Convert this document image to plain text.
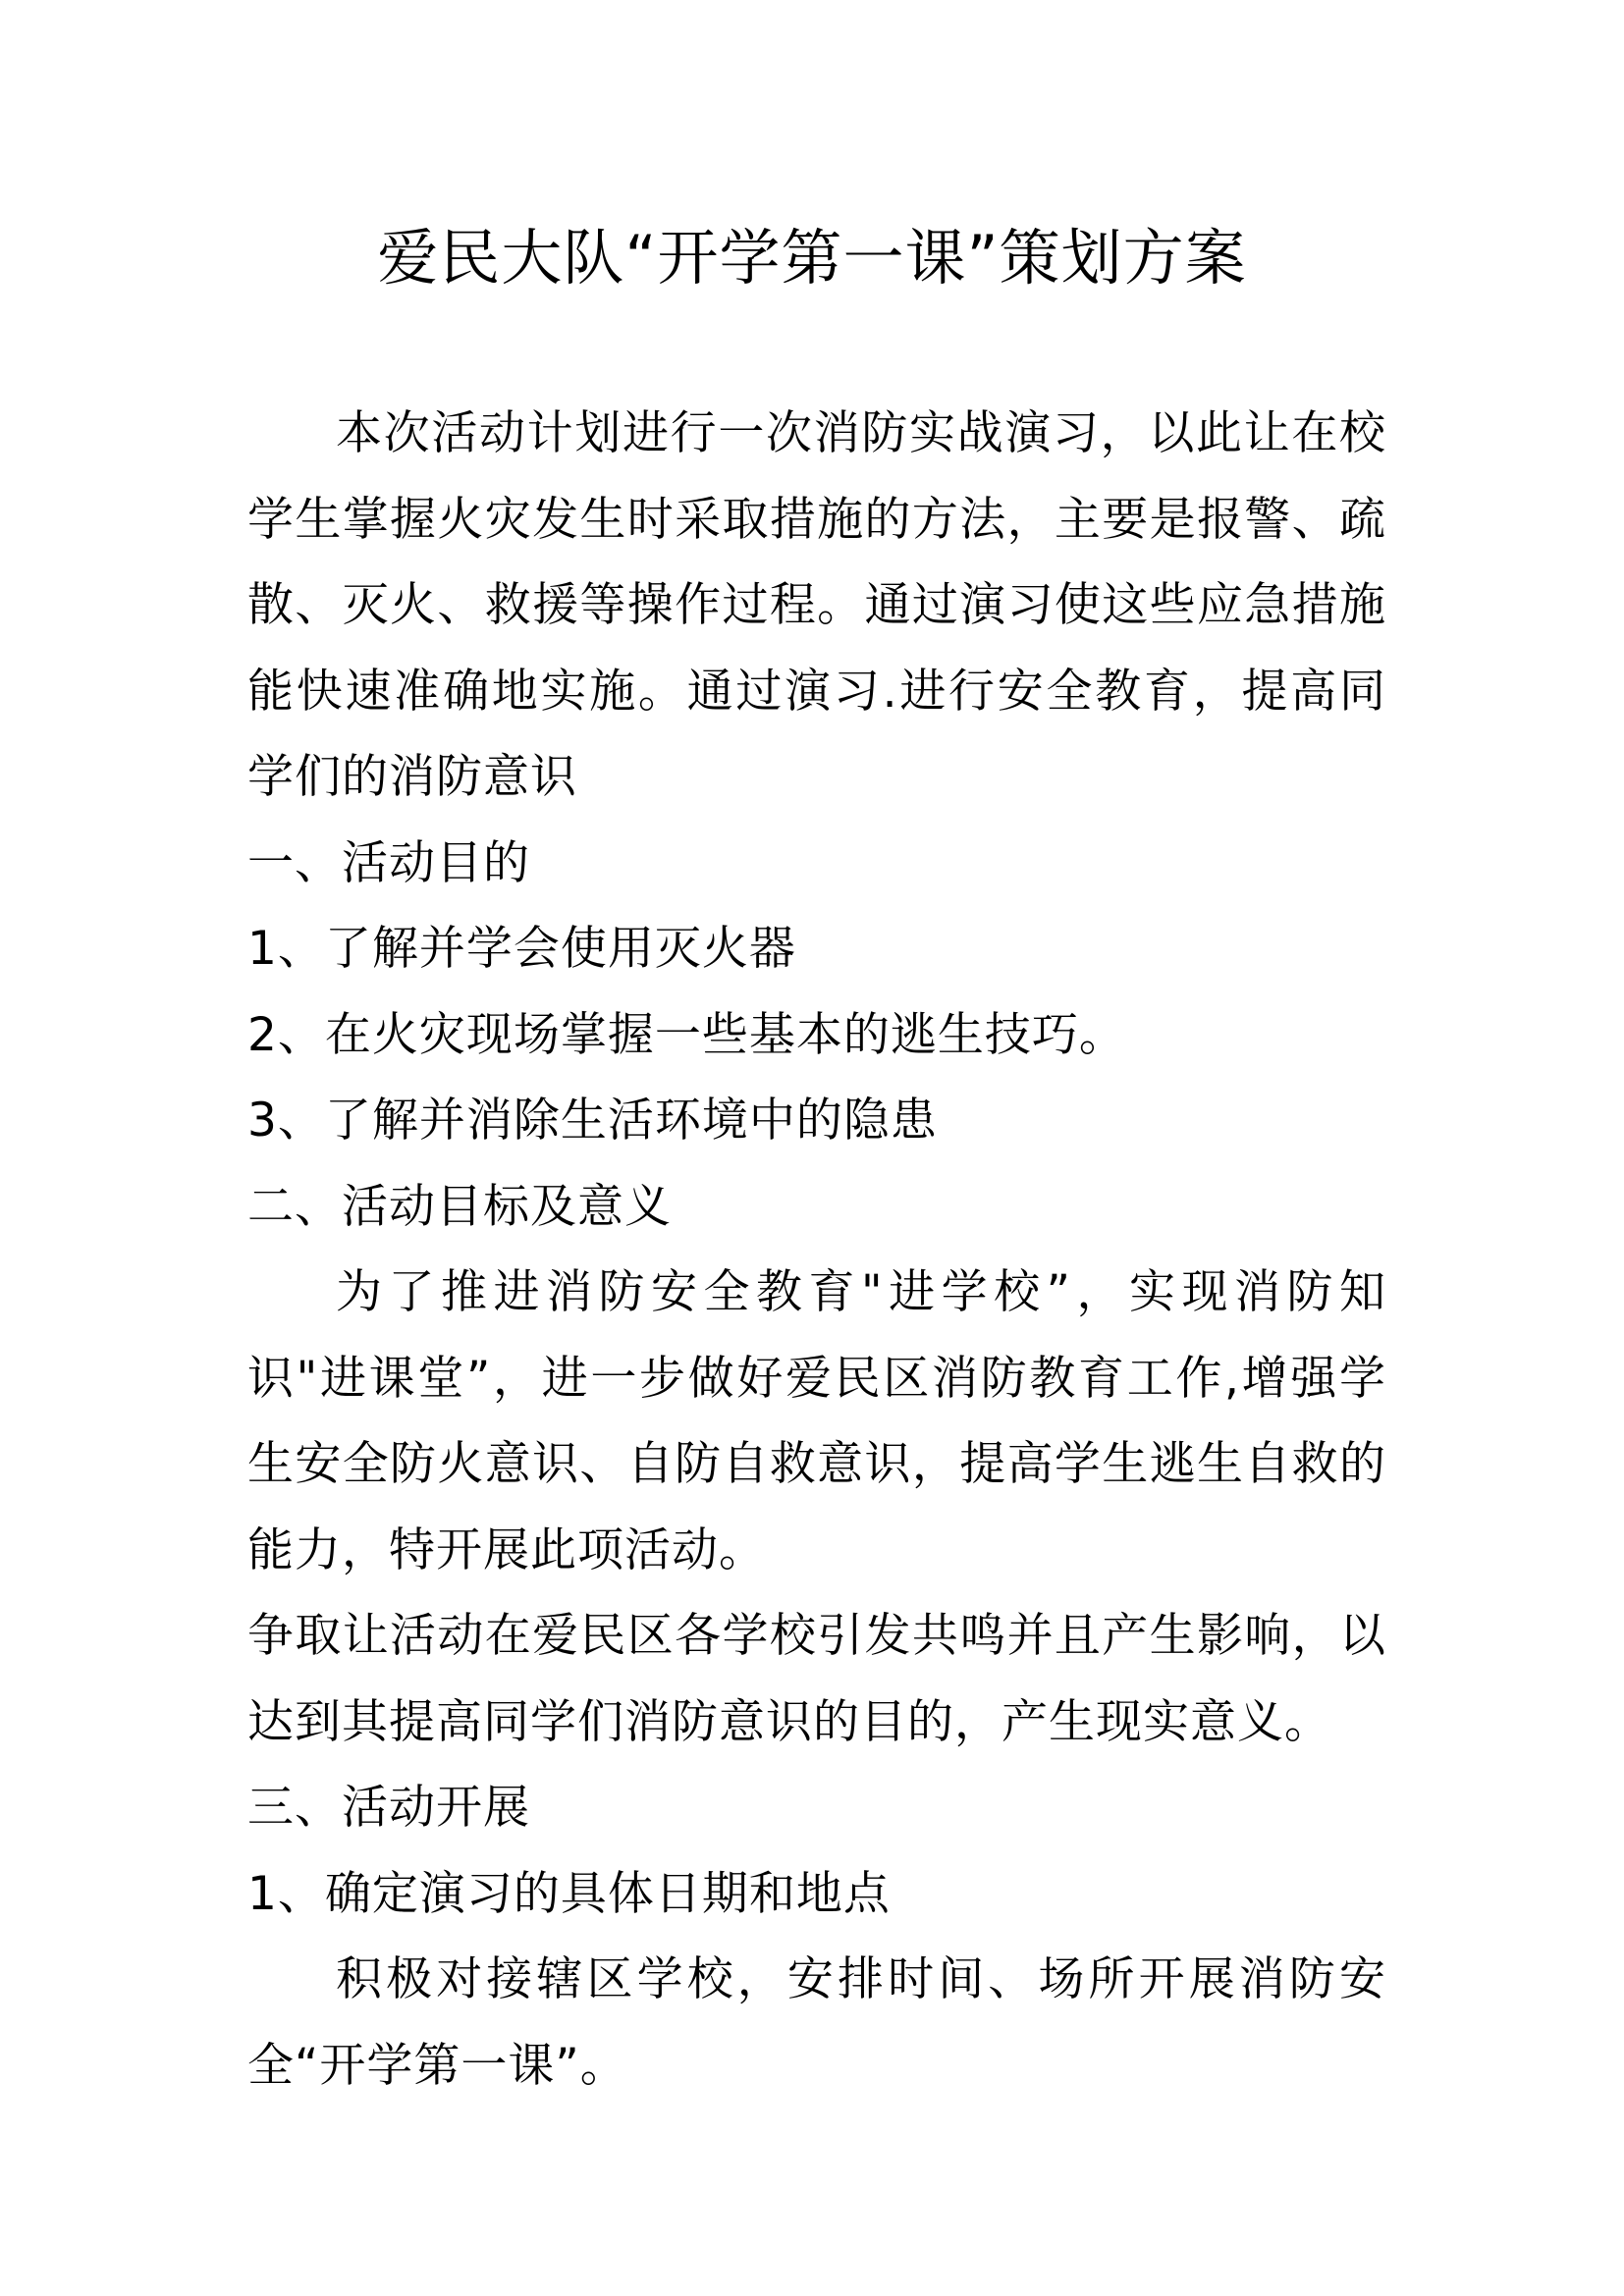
爱民大队“开学第一课”策划方案

本次活动计划进行一次消防实战演习，以此让在校学生掌握火灾发生时采取措施的方法，主要是报警、疏散、灭火、救援等操作过程。通过演习使这些应急措施能快速准确地实施。通过演习.进行安全教育，提高同学们的消防意识

一、活动目的

1、了解并学会使用灭火器

2、在火灾现场掌握一些基本的逃生技巧。

3、了解并消除生活环境中的隐患

二、活动目标及意义

为了推进消防安全教育"进学校”，实现消防知识"进课堂”，进一步做好爱民区消防教育工作,增强学生安全防火意识、自防自救意识，提高学生逃生自救的能力，特开展此项活动。

争取让活动在爱民区各学校引发共鸣并且产生影响，以达到其提高同学们消防意识的目的，产生现实意义。

三、活动开展

1、确定演习的具体日期和地点

积极对接辖区学校，安排时间、场所开展消防安全“开学第一课”。
